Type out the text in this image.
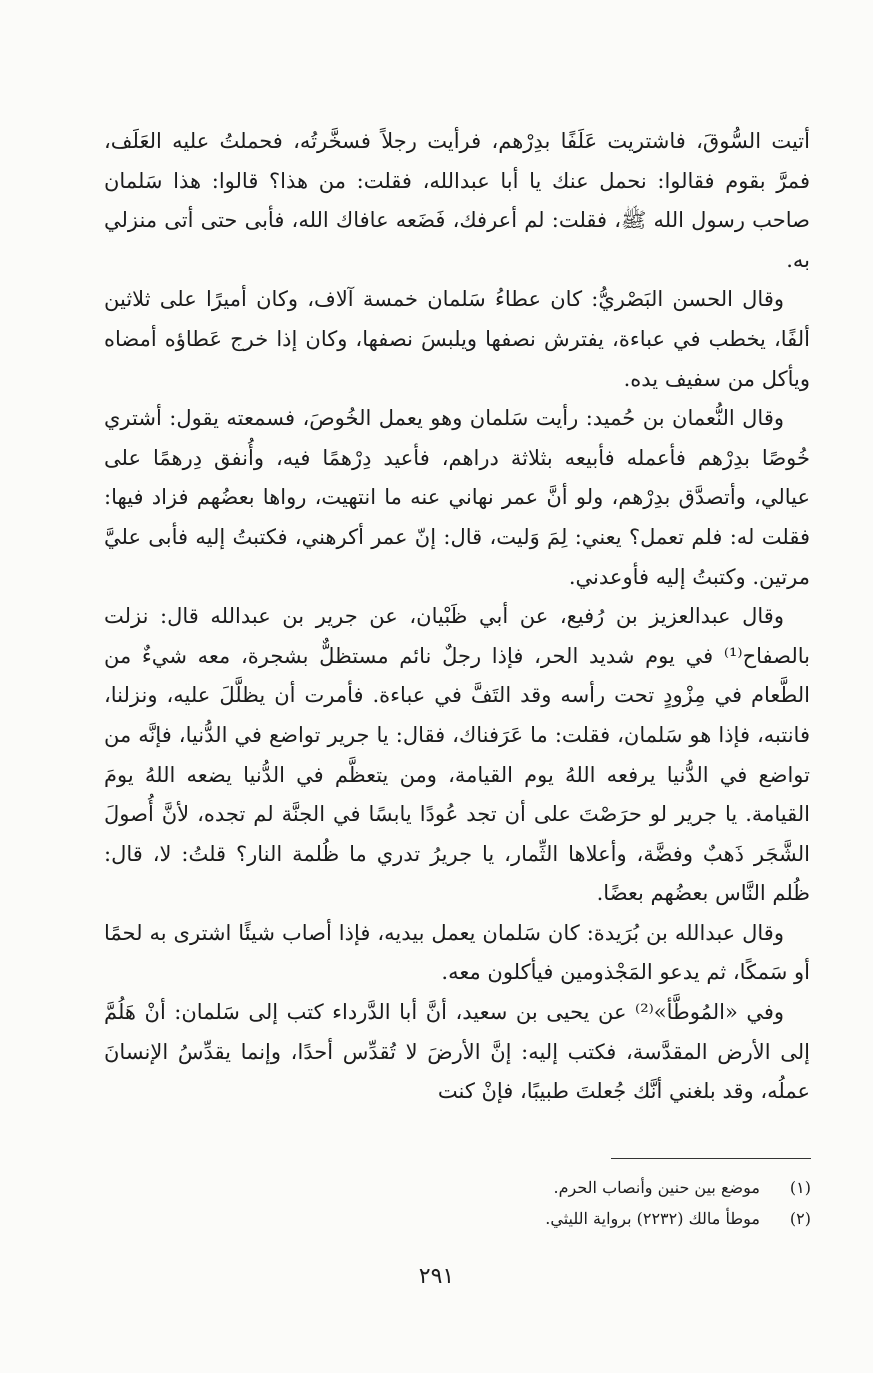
أتيت السُّوقَ، فاشتريت عَلَفًا بدِرْهم، فرأيت رجلاً فسخَّرتُه، فحملتُ عليه العَلَف، فمرَّ بقوم فقالوا: نحمل عنك يا أبا عبدالله، فقلت: من هذا؟ قالوا: هذا سَلمان صاحب رسول الله ﷺ، فقلت: لم أعرفك، فَضَعه عافاك الله، فأبى حتى أتى منزلي به.

وقال الحسن البَصْريُّ: كان عطاءُ سَلمان خمسة آلاف، وكان أميرًا على ثلاثين ألفًا، يخطب في عباءة، يفترش نصفها ويلبسَ نصفها، وكان إذا خرج عَطاؤه أمضاه ويأكل من سفيف يده.

وقال النُّعمان بن حُميد: رأيت سَلمان وهو يعمل الخُوصَ، فسمعته يقول: أشتري خُوصًا بدِرْهم فأعمله فأبيعه بثلاثة دراهم، فأعيد دِرْهمًا فيه، وأُنفق دِرهمًا على عيالي، وأتصدَّق بدِرْهم، ولو أنَّ عمر نهاني عنه ما انتهيت، رواها بعضُهم فزاد فيها: فقلت له: فلم تعمل؟ يعني: لِمَ وَليت، قال: إنّ عمر أكرهني، فكتبتُ إليه فأبى عليَّ مرتين. وكتبتُ إليه فأوعدني.

وقال عبدالعزيز بن رُفيع، عن أبي ظَبْيان، عن جرير بن عبدالله قال: نزلت بالصفاح⁽¹⁾ في يوم شديد الحر، فإذا رجلٌ نائم مستظلٌّ بشجرة، معه شيءٌ من الطَّعام في مِزْودٍ تحت رأسه وقد التَفَّ في عباءة. فأمرت أن يظلَّلَ عليه، ونزلنا، فانتبه، فإذا هو سَلمان، فقلت: ما عَرَفناك، فقال: يا جرير تواضع في الدُّنيا، فإنَّه من تواضع في الدُّنيا يرفعه اللهُ يوم القيامة، ومن يتعظَّم في الدُّنيا يضعه اللهُ يومَ القيامة. يا جرير لو حرَصْتَ على أن تجد عُودًا يابسًا في الجنَّة لم تجده، لأنَّ أُصولَ الشَّجَر ذَهبٌ وفضَّة، وأعلاها الثِّمار، يا جريرُ تدري ما ظُلمة النار؟ قلتُ: لا، قال: ظُلم النَّاس بعضُهم بعضًا.

وقال عبدالله بن بُرَيدة: كان سَلمان يعمل بيديه، فإذا أصاب شيئًا اشترى به لحمًا أو سَمكًا، ثم يدعو المَجْذومين فيأكلون معه.

وفي «المُوطَّأ»⁽²⁾ عن يحيى بن سعيد، أنَّ أبا الدَّرداء كتب إلى سَلمان: أنْ هَلُمَّ إلى الأرض المقدَّسة، فكتب إليه: إنَّ الأرضَ لا تُقدِّس أحدًا، وإنما يقدِّسُ الإنسانَ عملُه، وقد بلغني أنَّك جُعلتَ طبيبًا، فإنْ كنت

(١) موضع بين حنين وأنصاب الحرم.
(٢) موطأ مالك (٢٢٣٢) برواية الليثي.
٢٩١
